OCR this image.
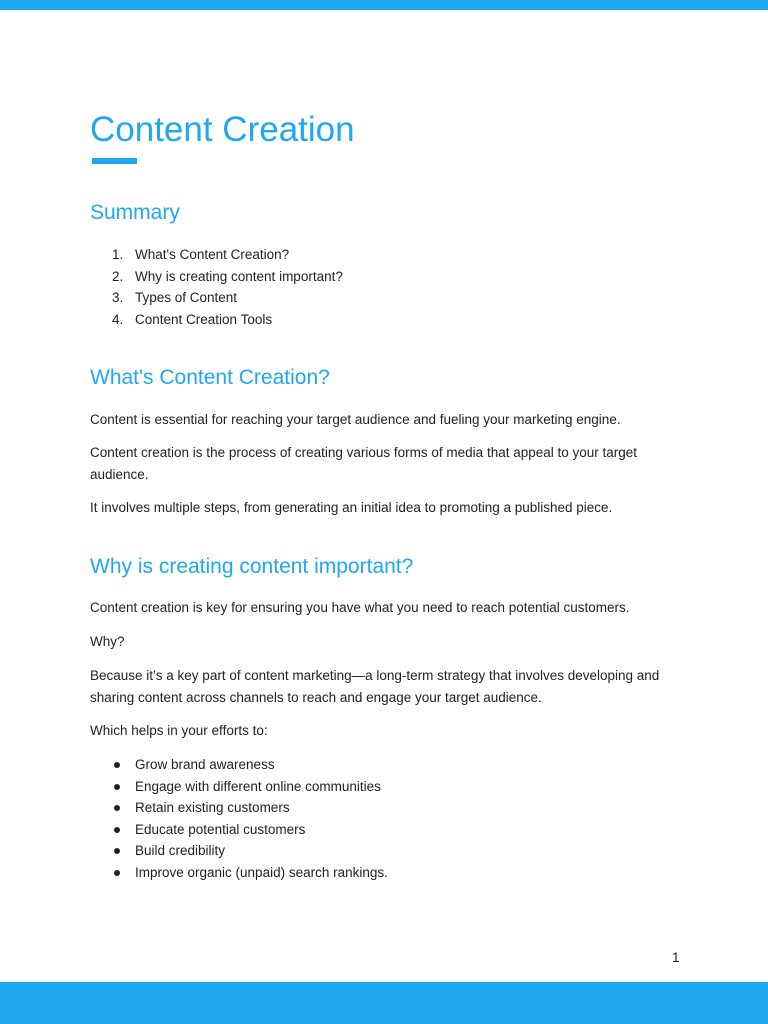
Content Creation
Summary
1. What's Content Creation?
2. Why is creating content important?
3. Types of Content
4. Content Creation Tools
What's Content Creation?

Content is essential for reaching your target audience and fueling your marketing engine.

Content creation is the process of creating various forms of media that appeal to your target audience.

It involves multiple steps, from generating an initial idea to promoting a published piece.

Why is creating content important?

Content creation is key for ensuring you have what you need to reach potential customers.

Why?

Because it’s a key part of content marketing—a long-term strategy that involves developing and sharing content across channels to reach and engage your target audience.

Which helps in your efforts to:

Grow brand awareness
Engage with different online communities
Retain existing customers
Educate potential customers
Build credibility
Improve organic (unpaid) search rankings.
1
